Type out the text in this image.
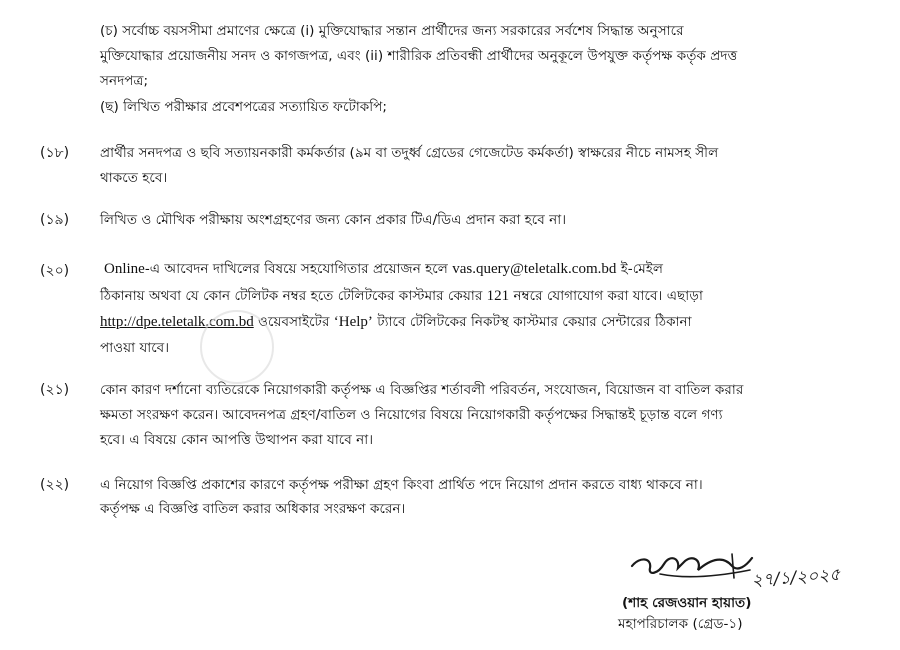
(চ) সর্বোচ্চ বয়সসীমা প্রমাণের ক্ষেত্রে (i) মুক্তিযোদ্ধার সন্তান প্রার্থীদের জন্য সরকারের সর্বশেষ সিদ্ধান্ত অনুসারে
মুক্তিযোদ্ধার প্রয়োজনীয় সনদ ও কাগজপত্র, এবং (ii) শারীরিক প্রতিবন্ধী প্রার্থীদের অনুকূলে উপযুক্ত কর্তৃপক্ষ কর্তৃক প্রদত্ত
সনদপত্র;
(ছ) লিখিত পরীক্ষার প্রবেশপত্রের সত্যায়িত ফটোকপি;
(১৮) প্রার্থীর সনদপত্র ও ছবি সত্যায়নকারী কর্মকর্তার (৯ম বা তদুর্ধ্ব গ্রেডের গেজেটেড কর্মকর্তা) স্বাক্ষরের নীচে নামসহ সীল
থাকতে হবে।
(১৯) লিখিত ও মৌখিক পরীক্ষায় অংশগ্রহণের জন্য কোন প্রকার টিএ/ডিএ প্রদান করা হবে না।
(২০) Online-এ আবেদন দাখিলের বিষয়ে সহযোগিতার প্রয়োজন হলে vas.query@teletalk.com.bd ই-মেইল
ঠিকানায় অথবা যে কোন টেলিটক নম্বর হতে টেলিটকের কাস্টমার কেয়ার 121 নম্বরে যোগাযোগ করা যাবে। এছাড়া
http://dpe.teletalk.com.bd ওয়েবসাইটের ‘Help’ ট্যাবে টেলিটকের নিকটস্থ কাস্টমার কেয়ার সেন্টারের ঠিকানা
পাওয়া যাবে।
(২১) কোন কারণ দর্শানো ব্যতিরেকে নিয়োগকারী কর্তৃপক্ষ এ বিজ্ঞপ্তির শর্তাবলী পরিবর্তন, সংযোজন, বিয়োজন বা বাতিল করার
ক্ষমতা সংরক্ষণ করেন। আবেদনপত্র গ্রহণ/বাতিল ও নিয়োগের বিষয়ে নিয়োগকারী কর্তৃপক্ষের সিদ্ধান্তই চূড়ান্ত বলে গণ্য
হবে। এ বিষয়ে কোন আপত্তি উত্থাপন করা যাবে না।
(২২) এ নিয়োগ বিজ্ঞপ্তি প্রকাশের কারণে কর্তৃপক্ষ পরীক্ষা গ্রহণ কিংবা প্রার্থিত পদে নিয়োগ প্রদান করতে বাধ্য থাকবে না।
কর্তৃপক্ষ এ বিজ্ঞপ্তি বাতিল করার অধিকার সংরক্ষণ করেন।
২৭/১/২০২৫
(শাহ রেজওয়ান হায়াত)
মহাপরিচালক (গ্রেড-১)
